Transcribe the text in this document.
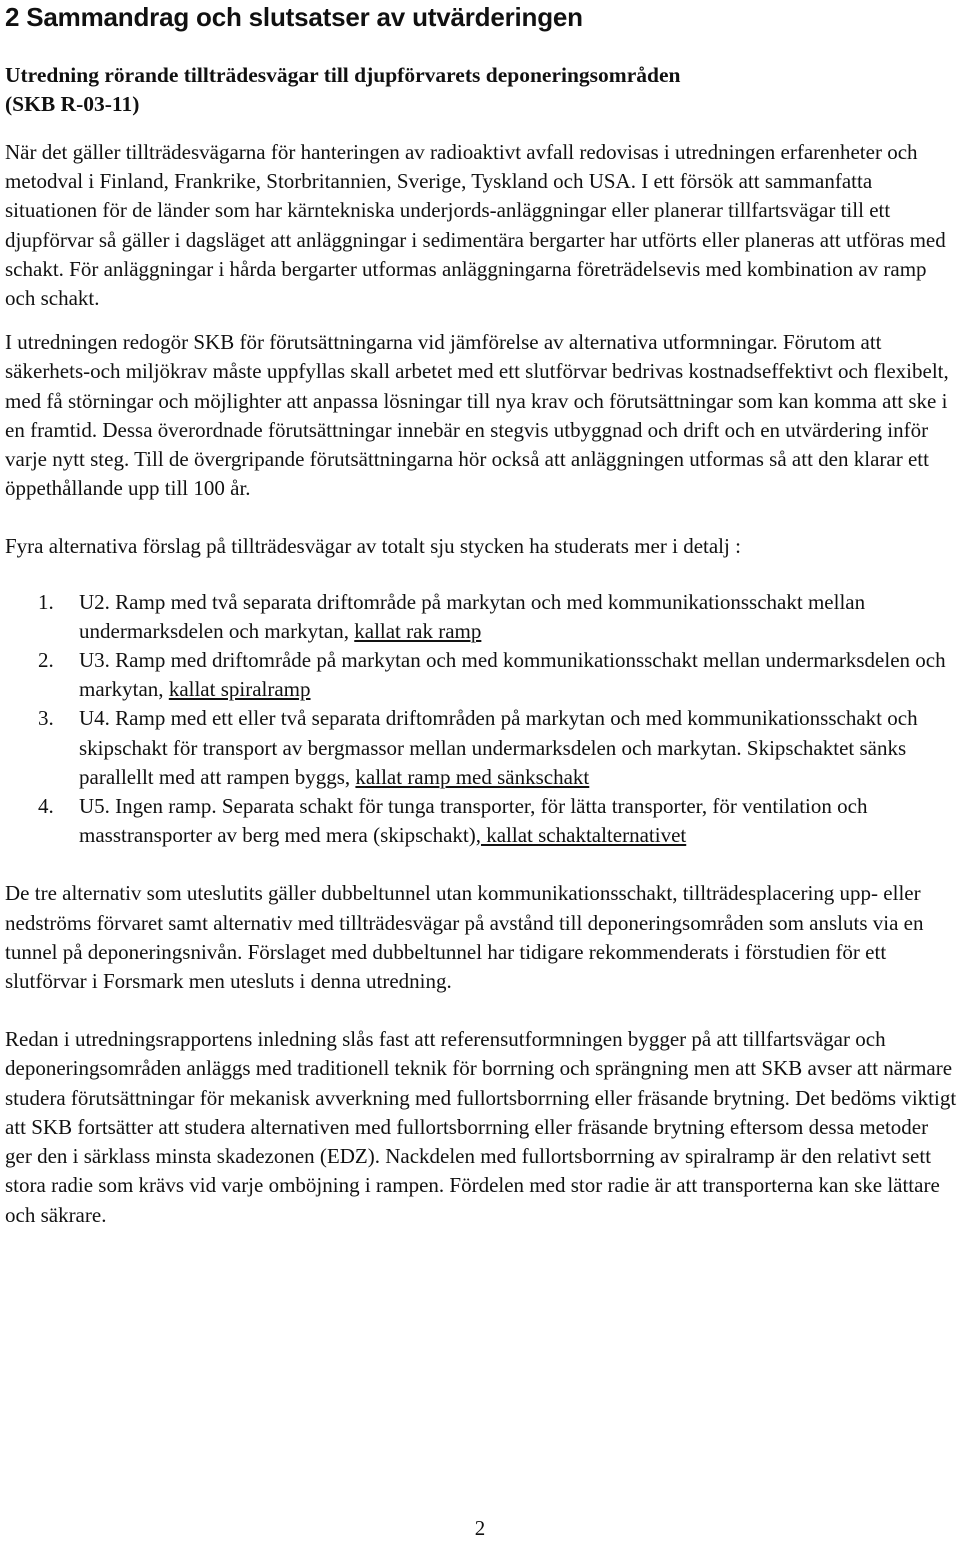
2 Sammandrag och slutsatser av utvärderingen
Utredning rörande tillträdesvägar till djupförvarets deponeringsområden
(SKB R-03-11)

När det gäller tillträdesvägarna för hanteringen av radioaktivt avfall redovisas i utredningen erfarenheter och metodval i Finland, Frankrike, Storbritannien, Sverige, Tyskland och USA. I ett försök att sammanfatta situationen för de länder som har kärntekniska underjords-anläggningar eller planerar tillfartsvägar till ett djupförvar så gäller i dagsläget att anläggningar i sedimentära bergarter har utförts eller planeras att utföras med schakt. För anläggningar i hårda bergarter utformas anläggningarna företrädelsevis med kombination av ramp och schakt.

I utredningen redogör SKB för förutsättningarna vid jämförelse av alternativa utformningar. Förutom att säkerhets-och miljökrav måste uppfyllas skall arbetet med ett slutförvar bedrivas kostnadseffektivt och flexibelt, med få störningar och möjlighter att anpassa lösningar till nya krav och förutsättningar som kan komma att ske i en framtid. Dessa överordnade förutsättningar innebär en stegvis utbyggnad och drift och en utvärdering inför varje nytt steg. Till de övergripande förutsättningarna hör också att anläggningen utformas så att den klarar ett öppethållande upp till 100 år.

Fyra alternativa förslag på tillträdesvägar av totalt sju stycken ha studerats mer i detalj :

1. U2. Ramp med två separata driftområde på markytan och med kommunikationsschakt mellan undermarksdelen och markytan, kallat rak ramp
2. U3. Ramp med driftområde på markytan och med kommunikationsschakt mellan undermarksdelen och markytan, kallat spiralramp
3. U4. Ramp med ett eller två separata driftområden på markytan och med kommunikationsschakt och skipschakt för transport av bergmassor mellan undermarksdelen och markytan. Skipschaktet sänks parallellt med att rampen byggs, kallat ramp med sänkschakt
4. U5. Ingen ramp. Separata schakt för tunga transporter, för lätta transporter, för ventilation och masstransporter av berg med mera (skipschakt), kallat schaktalternativet

De tre alternativ som uteslutits gäller dubbeltunnel utan kommunikationsschakt, tillträdesplacering upp- eller nedströms förvaret samt alternativ med tillträdesvägar på avstånd till deponeringsområden som ansluts via en tunnel på deponeringsnivån. Förslaget med dubbeltunnel har tidigare rekommenderats i förstudien för ett slutförvar i Forsmark men utesluts i denna utredning.

Redan i utredningsrapportens inledning slås fast att referensutformningen bygger på att tillfartsvägar och deponeringsområden anläggs med traditionell teknik för borrning och sprängning men att SKB avser att närmare studera förutsättningar för mekanisk avverkning med fullortsborrning eller fräsande brytning. Det bedöms viktigt att SKB fortsätter att studera alternativen med fullortsborrning eller fräsande brytning eftersom dessa metoder ger den i särklass minsta skadezonen (EDZ). Nackdelen med fullortsborrning av spiralramp är den relativt sett stora radie som krävs vid varje omböjning i rampen. Fördelen med stor radie är att transporterna kan ske lättare och säkrare.

2
